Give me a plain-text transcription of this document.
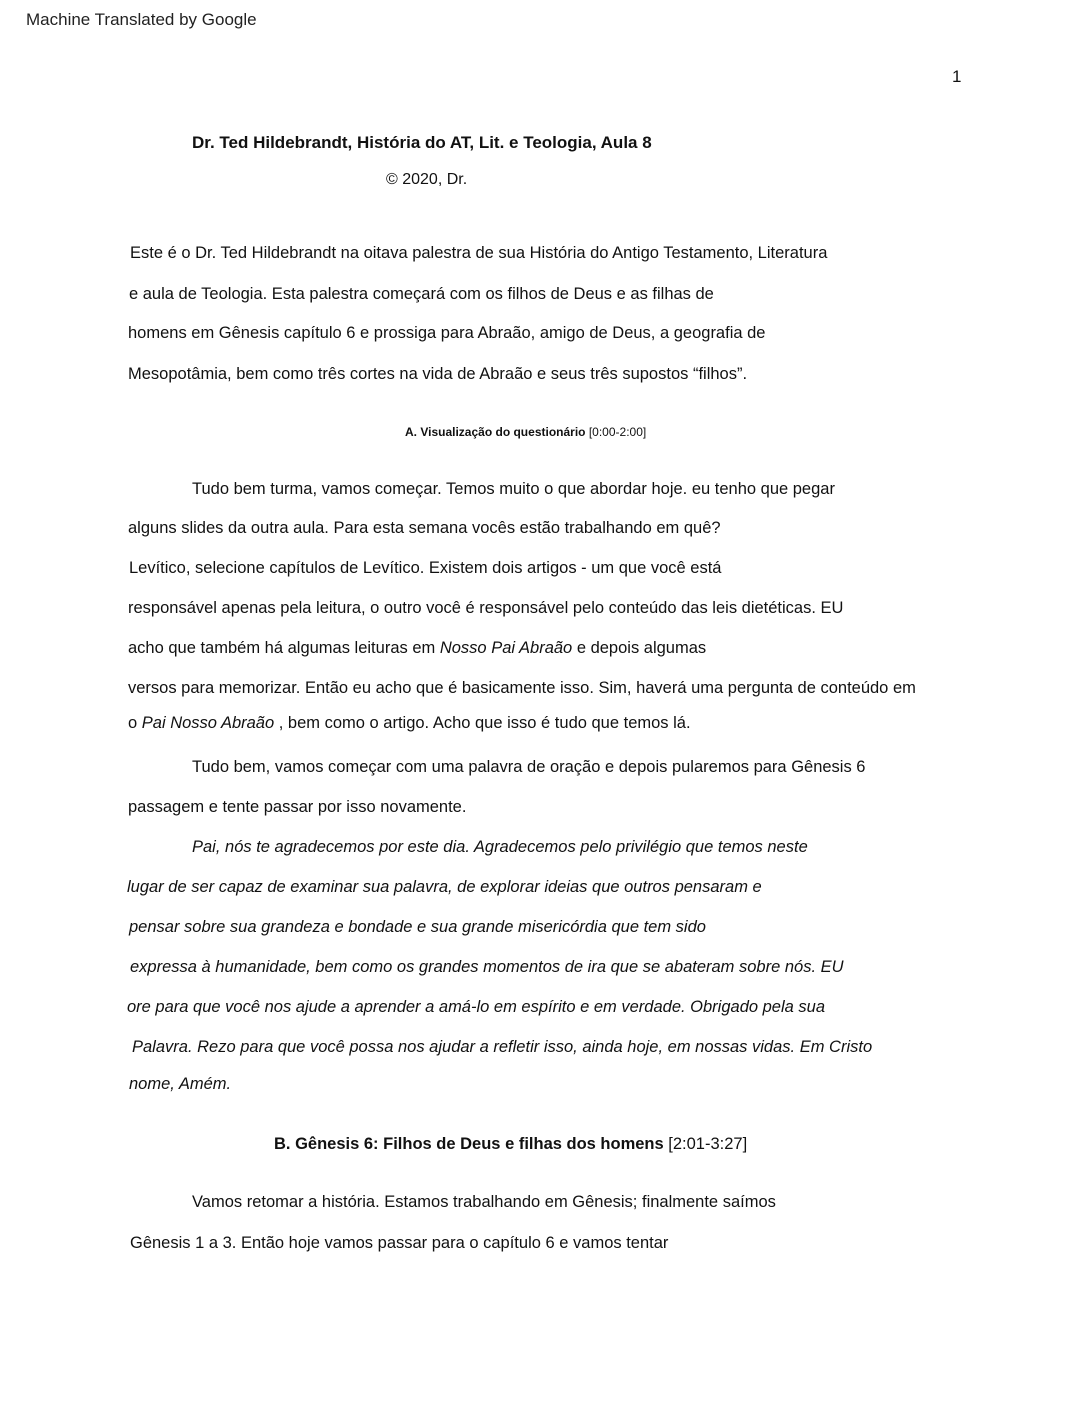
Machine Translated by Google
1
Dr. Ted Hildebrandt, História do AT, Lit. e Teologia, Aula 8
© 2020, Dr.
Este é o Dr. Ted Hildebrandt na oitava palestra de sua História do Antigo Testamento, Literatura
e aula de Teologia. Esta palestra começará com os filhos de Deus e as filhas de
homens em Gênesis capítulo 6 e prossiga para Abraão, amigo de Deus, a geografia de
Mesopotâmia, bem como três cortes na vida de Abraão e seus três supostos “filhos”.
A. Visualização do questionário [0:00-2:00]
Tudo bem turma, vamos começar. Temos muito o que abordar hoje. eu tenho que pegar
alguns slides da outra aula. Para esta semana vocês estão trabalhando em quê?
Levítico, selecione capítulos de Levítico. Existem dois artigos - um que você está
responsável apenas pela leitura, o outro você é responsável pelo conteúdo das leis dietéticas. EU
acho que também há algumas leituras em Nosso Pai Abraão e depois algumas
versos para memorizar. Então eu acho que é basicamente isso. Sim, haverá uma pergunta de conteúdo em
o Pai Nosso Abraão , bem como o artigo. Acho que isso é tudo que temos lá.
Tudo bem, vamos começar com uma palavra de oração e depois pularemos para Gênesis 6
passagem e tente passar por isso novamente.
Pai, nós te agradecemos por este dia. Agradecemos pelo privilégio que temos neste
lugar de ser capaz de examinar sua palavra, de explorar ideias que outros pensaram e
pensar sobre sua grandeza e bondade e sua grande misericórdia que tem sido
expressa à humanidade, bem como os grandes momentos de ira que se abateram sobre nós. EU
ore para que você nos ajude a aprender a amá-lo em espírito e em verdade. Obrigado pela sua
Palavra. Rezo para que você possa nos ajudar a refletir isso, ainda hoje, em nossas vidas. Em Cristo
nome, Amém.
B. Gênesis 6: Filhos de Deus e filhas dos homens [2:01-3:27]
Vamos retomar a história. Estamos trabalhando em Gênesis; finalmente saímos
Gênesis 1 a 3. Então hoje vamos passar para o capítulo 6 e vamos tentar
